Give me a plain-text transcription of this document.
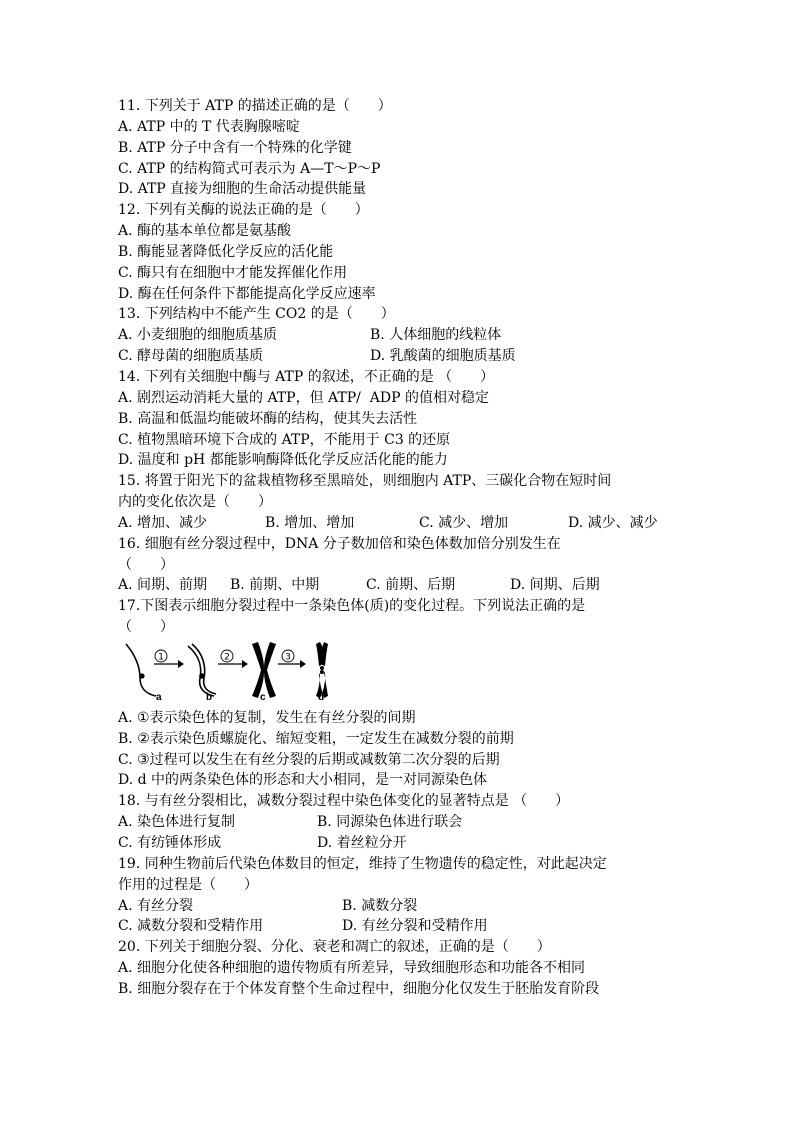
11. 下列关于 ATP 的描述正确的是（　　）
A. ATP 中的 T 代表胸腺嘧啶
B. ATP 分子中含有一个特殊的化学键
C. ATP 的结构简式可表示为 A—T～P～P
D. ATP 直接为细胞的生命活动提供能量
12. 下列有关酶的说法正确的是（　　）
A. 酶的基本单位都是氨基酸
B. 酶能显著降低化学反应的活化能
C. 酶只有在细胞中才能发挥催化作用
D. 酶在任何条件下都能提高化学反应速率
13. 下列结构中不能产生 CO2 的是（　　）

A. 小麦细胞的细胞质基质

	B. 人体细胞的线粒体

C. 酵母菌的细胞质基质

	D. 乳酸菌的细胞质基质

14. 下列有关细胞中酶与 ATP 的叙述，不正确的是 （　　）
A. 剧烈运动消耗大量的 ATP，但 ATP/  ADP 的值相对稳定
B. 高温和低温均能破坏酶的结构，使其失去活性
C. 植物黑暗环境下合成的 ATP，不能用于 C3 的还原
D. 温度和 pH 都能影响酶降低化学反应活化能的能力
15. 将置于阳光下的盆栽植物移至黑暗处，则细胞内 ATP、三碳化合物在短时间
内的变化依次是（　　）

A. 增加、减少

	B. 增加、增加

	C. 减少、增加

	D. 减少、减少

16. 细胞有丝分裂过程中，DNA 分子数加倍和染色体数加倍分别发生在
（　　）

A. 间期、前期

B. 前期、中期

	C. 前期、后期

	D. 间期、后期

17.下图表示细胞分裂过程中一条染色体(质)的变化过程。下列说法正确的是
（　　）
1	2	3
a	b	c	d
A. ①表示染色体的复制，发生在有丝分裂的间期
B. ②表示染色质螺旋化、缩短变粗，一定发生在减数分裂的前期
C. ③过程可以发生在有丝分裂的后期或减数第二次分裂的后期
D. d 中的两条染色体的形态和大小相同，是一对同源染色体
18. 与有丝分裂相比，减数分裂过程中染色体变化的显著特点是 （　　）

A. 染色体进行复制

	B. 同源染色体进行联会

C. 有纺锤体形成

	D. 着丝粒分开

19. 同种生物前后代染色体数目的恒定，维持了生物遗传的稳定性，对此起决定
作用的过程是（　　）

A. 有丝分裂

	B. 减数分裂

C. 减数分裂和受精作用

	D. 有丝分裂和受精作用

20. 下列关于细胞分裂、分化、衰老和凋亡的叙述，正确的是（　　）
A. 细胞分化使各种细胞的遗传物质有所差异，导致细胞形态和功能各不相同
B. 细胞分裂存在于个体发育整个生命过程中，细胞分化仅发生于胚胎发育阶段
